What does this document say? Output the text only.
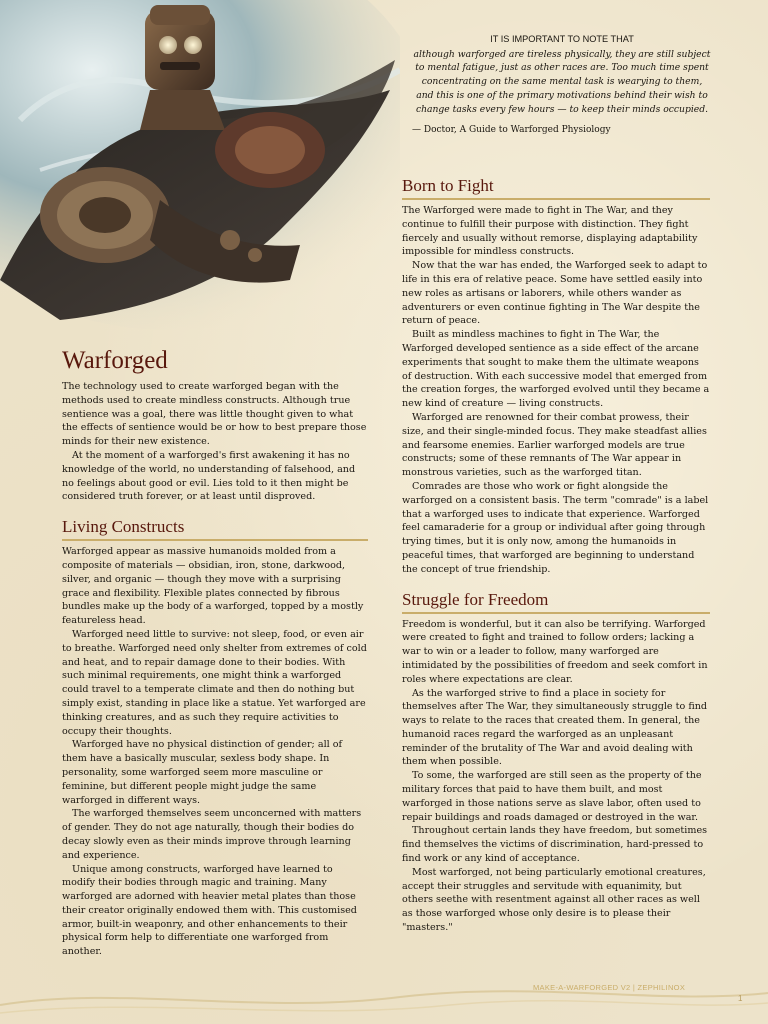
IT IS IMPORTANT TO NOTE THAT

although warforged are tireless physically, they are still subject to mental fatigue, just as other races are. Too much time spent concentrating on the same mental task is wearying to them, and this is one of the primary motivations behind their wish to change tasks every few hours — to keep their minds occupied.

— Doctor, A Guide to Warforged Physiology

Warforged

The technology used to create warforged began with the methods used to create mindless constructs. Although true sentience was a goal, there was little thought given to what the effects of sentience would be or how to best prepare those minds for their new existence.

At the moment of a warforged's first awakening it has no knowledge of the world, no understanding of falsehood, and no feelings about good or evil. Lies told to it then might be considered truth forever, or at least until disproved.

Living Constructs

Warforged appear as massive humanoids molded from a composite of materials — obsidian, iron, stone, darkwood, silver, and organic — though they move with a surprising grace and flexibility. Flexible plates connected by fibrous bundles make up the body of a warforged, topped by a mostly featureless head.

Warforged need little to survive: not sleep, food, or even air to breathe. Warforged need only shelter from extremes of cold and heat, and to repair damage done to their bodies. With such minimal requirements, one might think a warforged could travel to a temperate climate and then do nothing but simply exist, standing in place like a statue. Yet warforged are thinking creatures, and as such they require activities to occupy their thoughts.

Warforged have no physical distinction of gender; all of them have a basically muscular, sexless body shape. In personality, some warforged seem more masculine or feminine, but different people might judge the same warforged in different ways.

The warforged themselves seem unconcerned with matters of gender. They do not age naturally, though their bodies do decay slowly even as their minds improve through learning and experience.

Unique among constructs, warforged have learned to modify their bodies through magic and training. Many warforged are adorned with heavier metal plates than those their creator originally endowed them with. This customised armor, built-in weaponry, and other enhancements to their physical form help to differentiate one warforged from another.

Born to Fight

The Warforged were made to fight in The War, and they continue to fulfill their purpose with distinction. They fight fiercely and usually without remorse, displaying adaptability impossible for mindless constructs.

Now that the war has ended, the Warforged seek to adapt to life in this era of relative peace. Some have settled easily into new roles as artisans or laborers, while others wander as adventurers or even continue fighting in The War despite the return of peace.

Built as mindless machines to fight in The War, the Warforged developed sentience as a side effect of the arcane experiments that sought to make them the ultimate weapons of destruction. With each successive model that emerged from the creation forges, the warforged evolved until they became a new kind of creature — living constructs.

Warforged are renowned for their combat prowess, their size, and their single-minded focus. They make steadfast allies and fearsome enemies. Earlier warforged models are true constructs; some of these remnants of The War appear in monstrous varieties, such as the warforged titan.

Comrades are those who work or fight alongside the warforged on a consistent basis. The term "comrade" is a label that a warforged uses to indicate that experience. Warforged feel camaraderie for a group or individual after going through trying times, but it is only now, among the humanoids in peaceful times, that warforged are beginning to understand the concept of true friendship.

Struggle for Freedom

Freedom is wonderful, but it can also be terrifying. Warforged were created to fight and trained to follow orders; lacking a war to win or a leader to follow, many warforged are intimidated by the possibilities of freedom and seek comfort in roles where expectations are clear.

As the warforged strive to find a place in society for themselves after The War, they simultaneously struggle to find ways to relate to the races that created them. In general, the humanoid races regard the warforged as an unpleasant reminder of the brutality of The War and avoid dealing with them when possible.

To some, the warforged are still seen as the property of the military forces that paid to have them built, and most warforged in those nations serve as slave labor, often used to repair buildings and roads damaged or destroyed in the war.

Throughout certain lands they have freedom, but sometimes find themselves the victims of discrimination, hard-pressed to find work or any kind of acceptance.

Most warforged, not being particularly emotional creatures, accept their struggles and servitude with equanimity, but others seethe with resentment against all other races as well as those warforged whose only desire is to please their "masters."

MAKE-A-WARFORGED V2 | ZEPHILINOX
1
